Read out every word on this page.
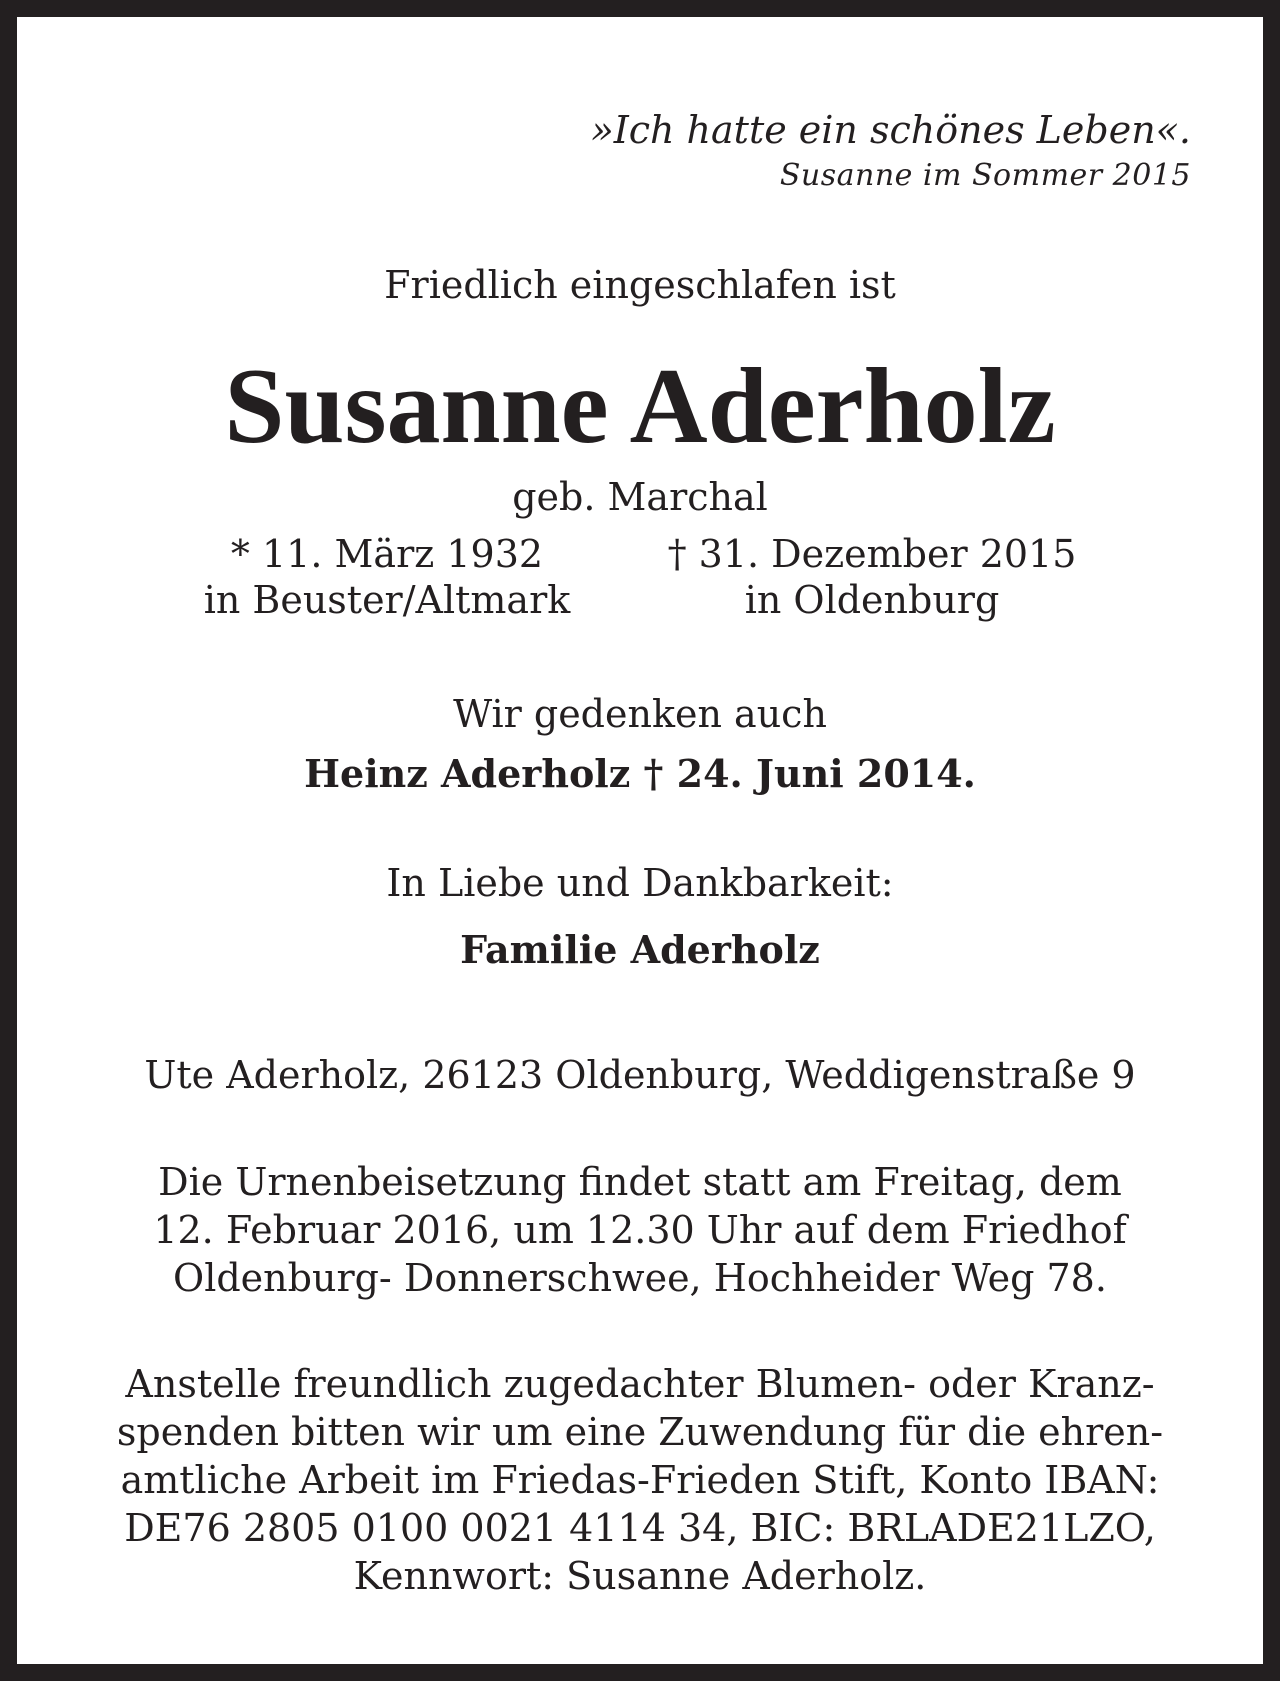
»Ich hatte ein schönes Leben«.
Susanne im Sommer 2015

Friedlich eingeschlafen ist

Susanne Aderholz

geb. Marchal

* 11. März 1932
in Beuster/Altmark
† 31. Dezember 2015
in Oldenburg

Wir gedenken auch

Heinz Aderholz † 24. Juni 2014.

In Liebe und Dankbarkeit:

Familie Aderholz

Ute Aderholz, 26123 Oldenburg, Weddigenstraße 9

Die Urnenbeisetzung findet statt am Freitag, dem

12. Februar 2016, um 12.30 Uhr auf dem Friedhof

Oldenburg- Donnerschwee, Hochheider Weg 78.

Anstelle freundlich zugedachter Blumen- oder Kranz-

spenden bitten wir um eine Zuwendung für die ehren-

amtliche Arbeit im Friedas-Frieden Stift, Konto IBAN:

DE76 2805 0100 0021 4114 34, BIC: BRLADE21LZO,

Kennwort: Susanne Aderholz.
